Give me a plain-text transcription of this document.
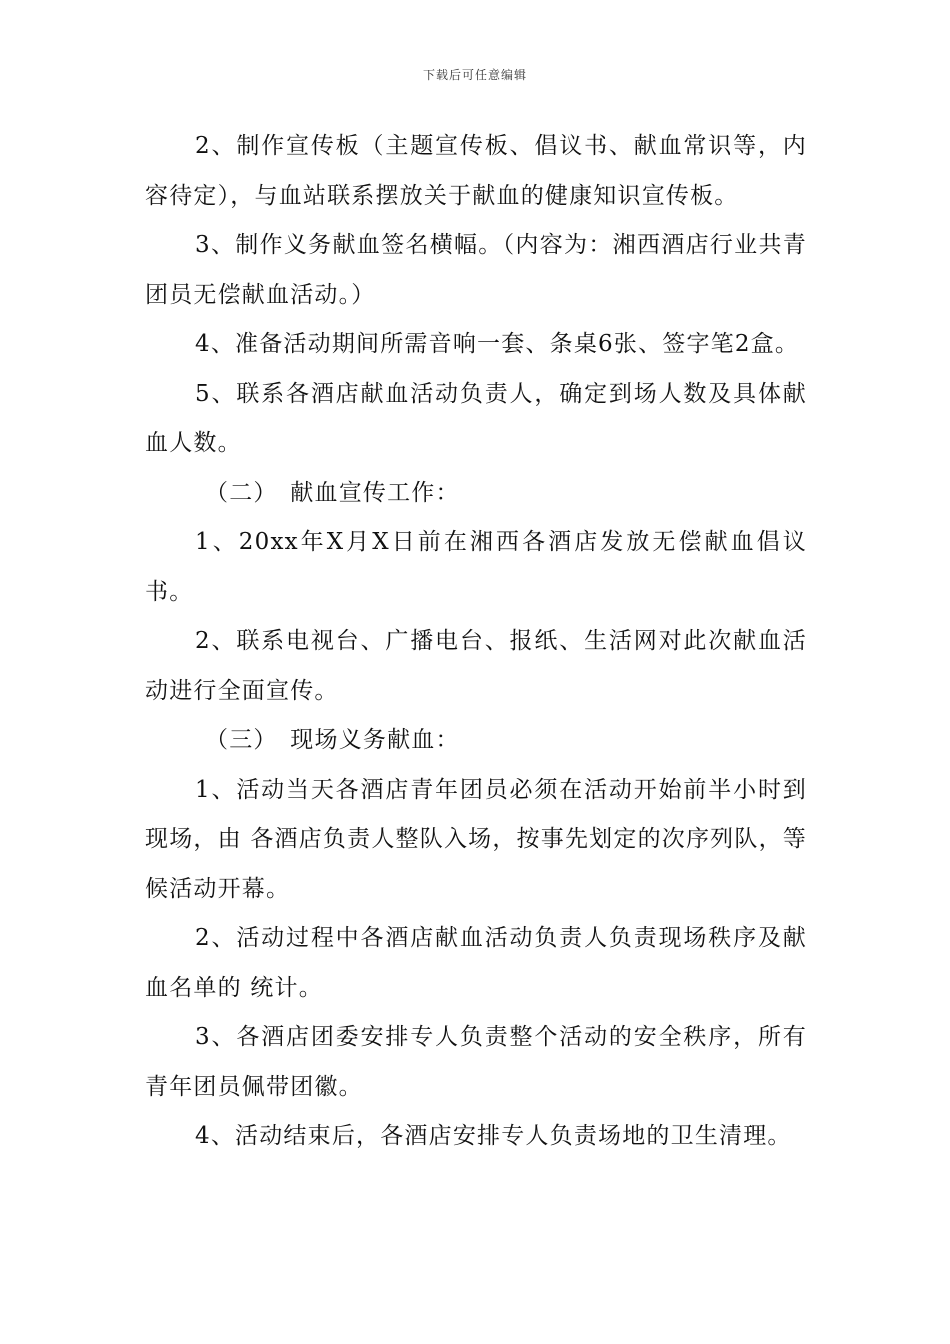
下载后可任意编辑

2、制作宣传板（主题宣传板、倡议书、献血常识等，内容待定），与血站联系摆放关于献血的健康知识宣传板。

3、制作义务献血签名横幅。（内容为：湘西酒店行业共青团员无偿献血活动。）

4、准备活动期间所需音响一套、条桌6张、签字笔2盒。

5、联系各酒店献血活动负责人，确定到场人数及具体献血人数。

（二）　献血宣传工作：

1、20xx年X月X日前在湘西各酒店发放无偿献血倡议书。

2、联系电视台、广播电台、报纸、生活网对此次献血活动进行全面宣传。

（三）　现场义务献血：

1、活动当天各酒店青年团员必须在活动开始前半小时到现场，由 各酒店负责人整队入场，按事先划定的次序列队，等候活动开幕。

2、活动过程中各酒店献血活动负责人负责现场秩序及献血名单的 统计。

3、各酒店团委安排专人负责整个活动的安全秩序，所有青年团员佩带团徽。

4、活动结束后，各酒店安排专人负责场地的卫生清理。
